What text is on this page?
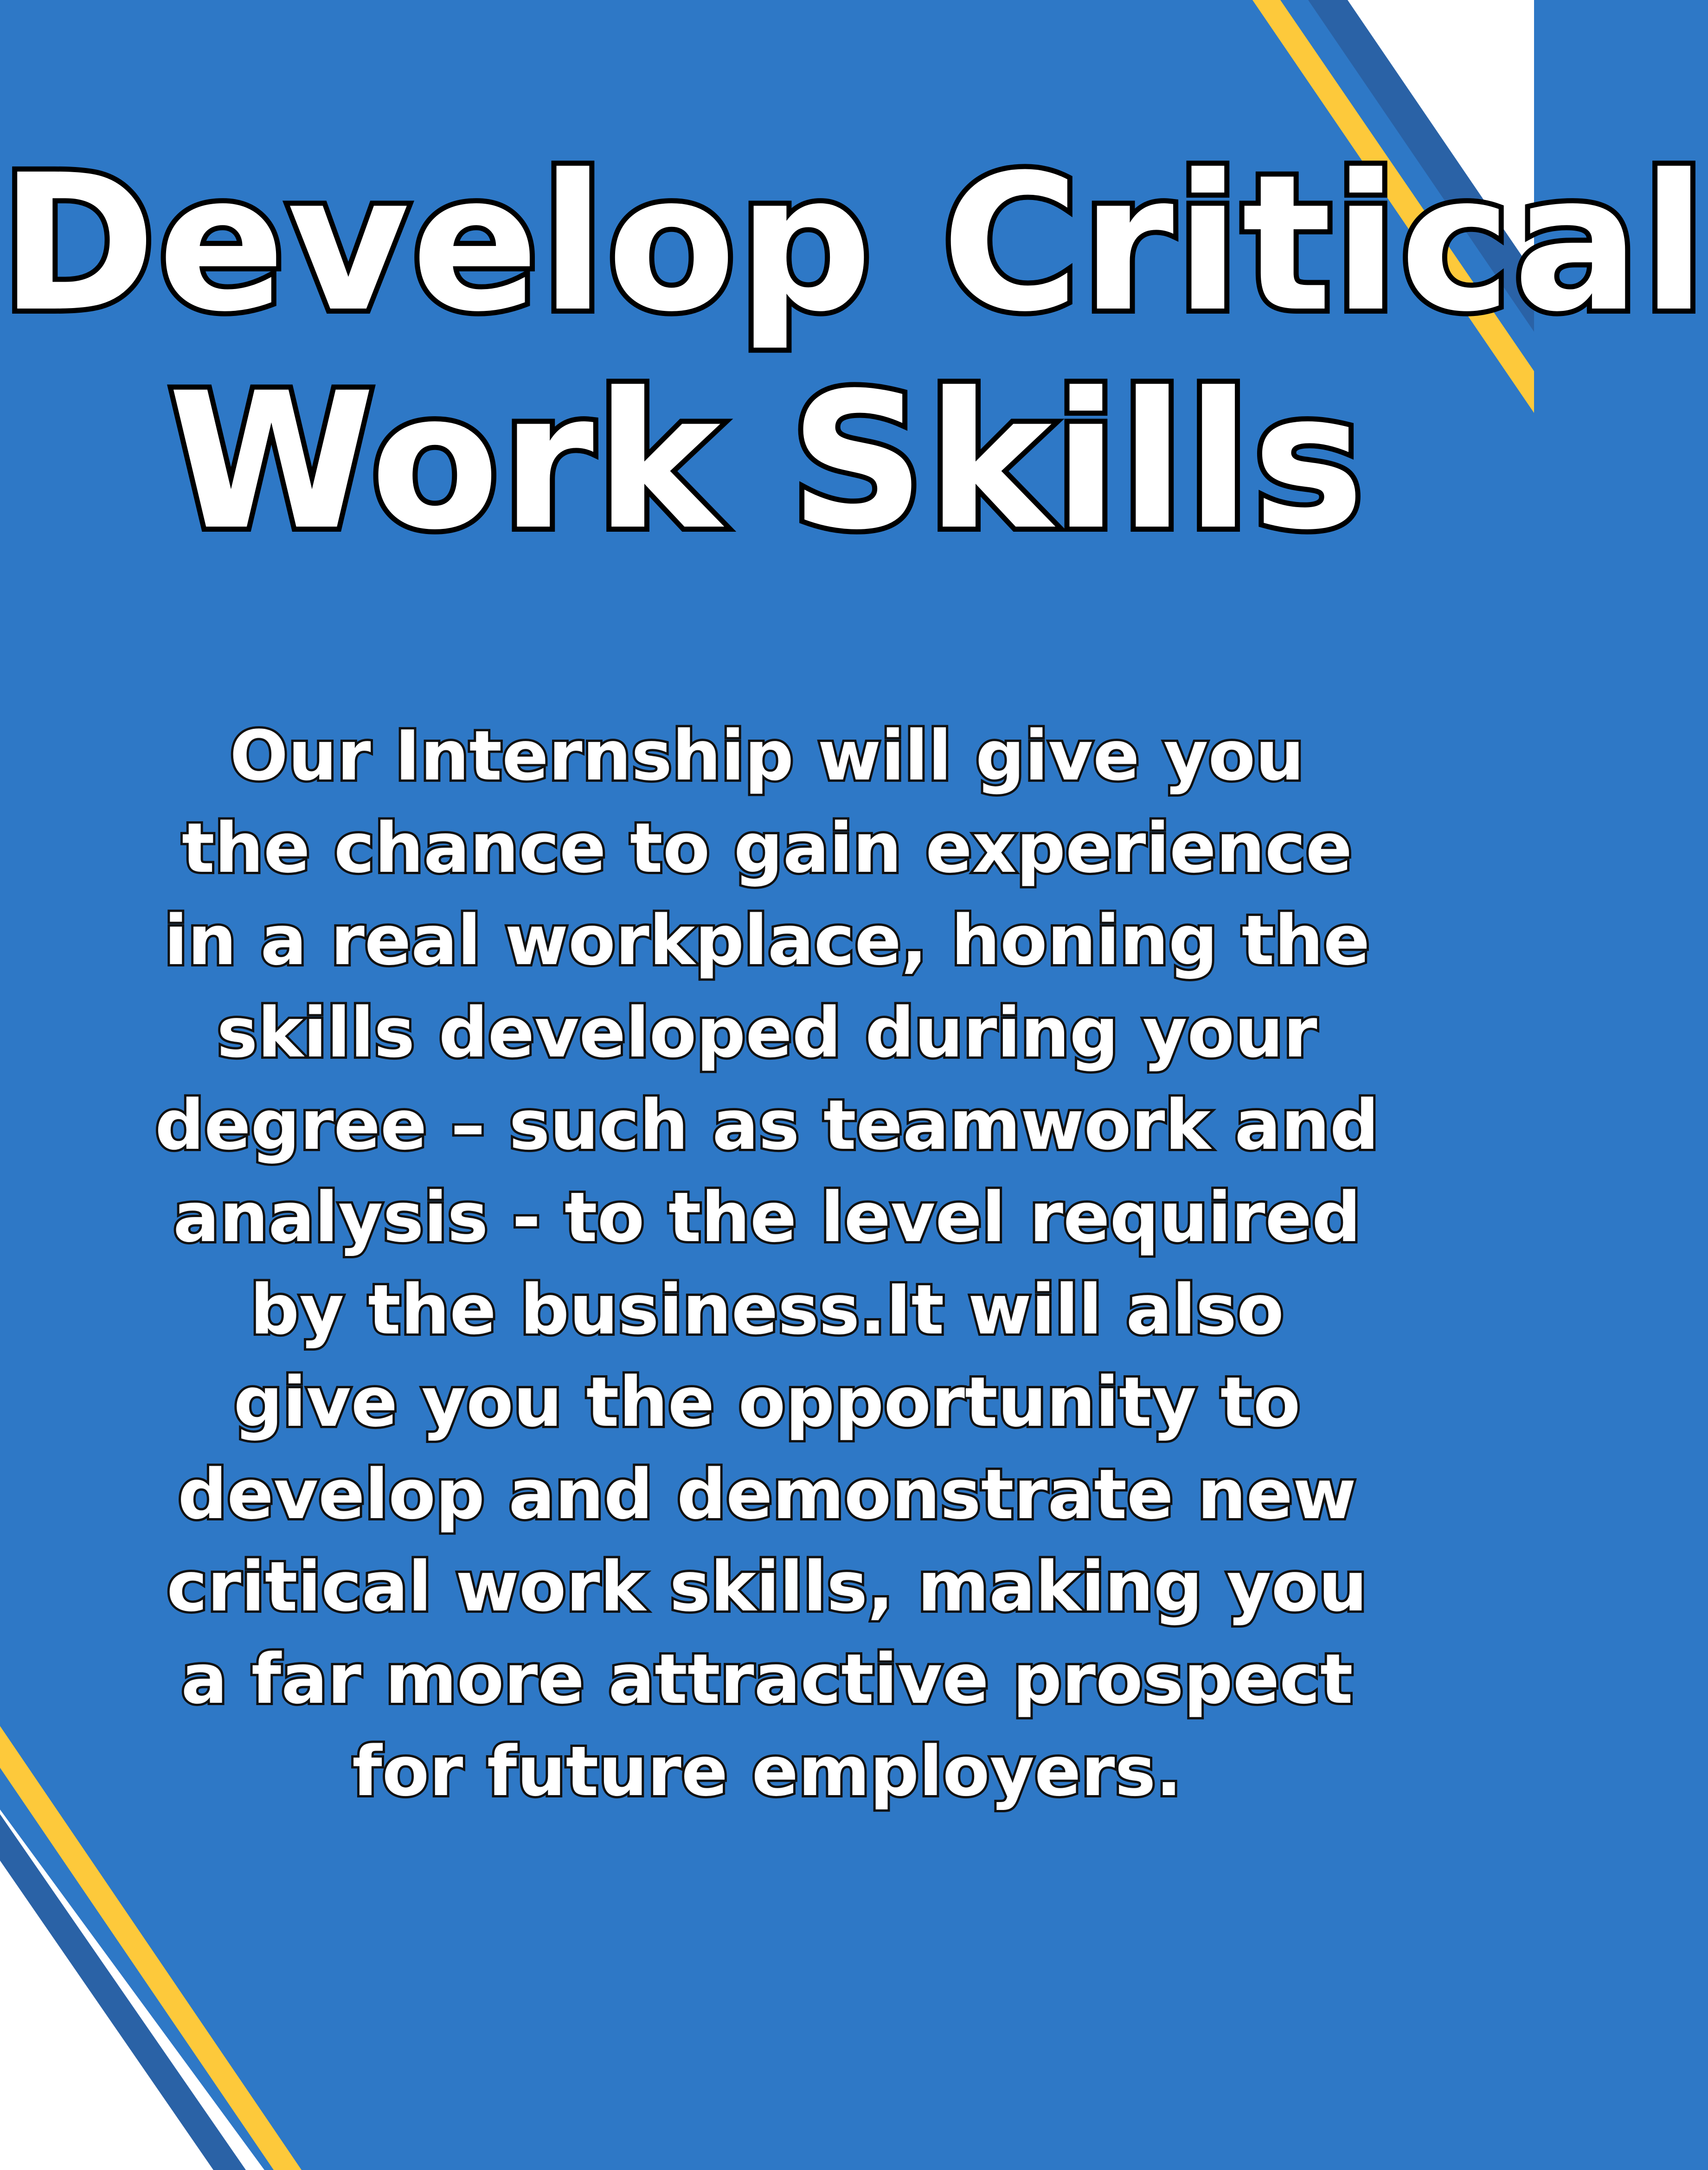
Develop Critical
Work Skills
Our Internship will give you
the chance to gain experience
in a real workplace, honing the
skills developed during your
degree – such as teamwork and
analysis - to the level required
by the business.It will also
give you the opportunity to
develop and demonstrate new
critical work skills, making you
a far more attractive prospect
for future employers.
